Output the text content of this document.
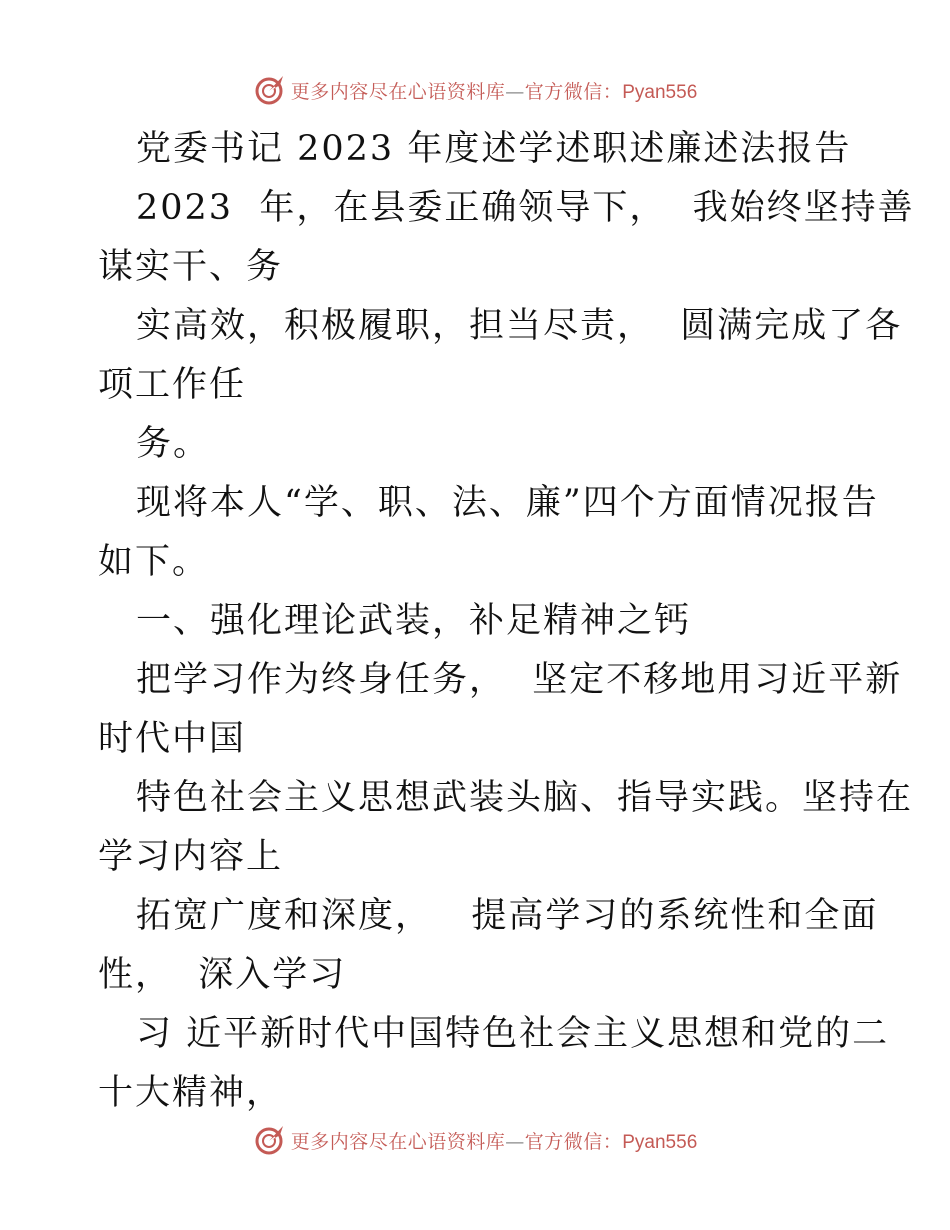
更多内容尽在心语资料库—官方微信：Pyan556
党委书记 2023 年度述学述职述廉述法报告
2023  年，在县委正确领导下，  我始终坚持善
谋实干、务
实高效，积极履职，担当尽责，  圆满完成了各
项工作任
务。
现将本人“学、职、法、廉”四个方面情况报告
如下。
一、强化理论武装，补足精神之钙
把学习作为终身任务，  坚定不移地用习近平新
时代中国
特色社会主义思想武装头脑、指导实践。坚持在
学习内容上
拓宽广度和深度，   提高学习的系统性和全面
性，  深入学习
习 近平新时代中国特色社会主义思想和党的二
十大精神，
更多内容尽在心语资料库—官方微信：Pyan556
